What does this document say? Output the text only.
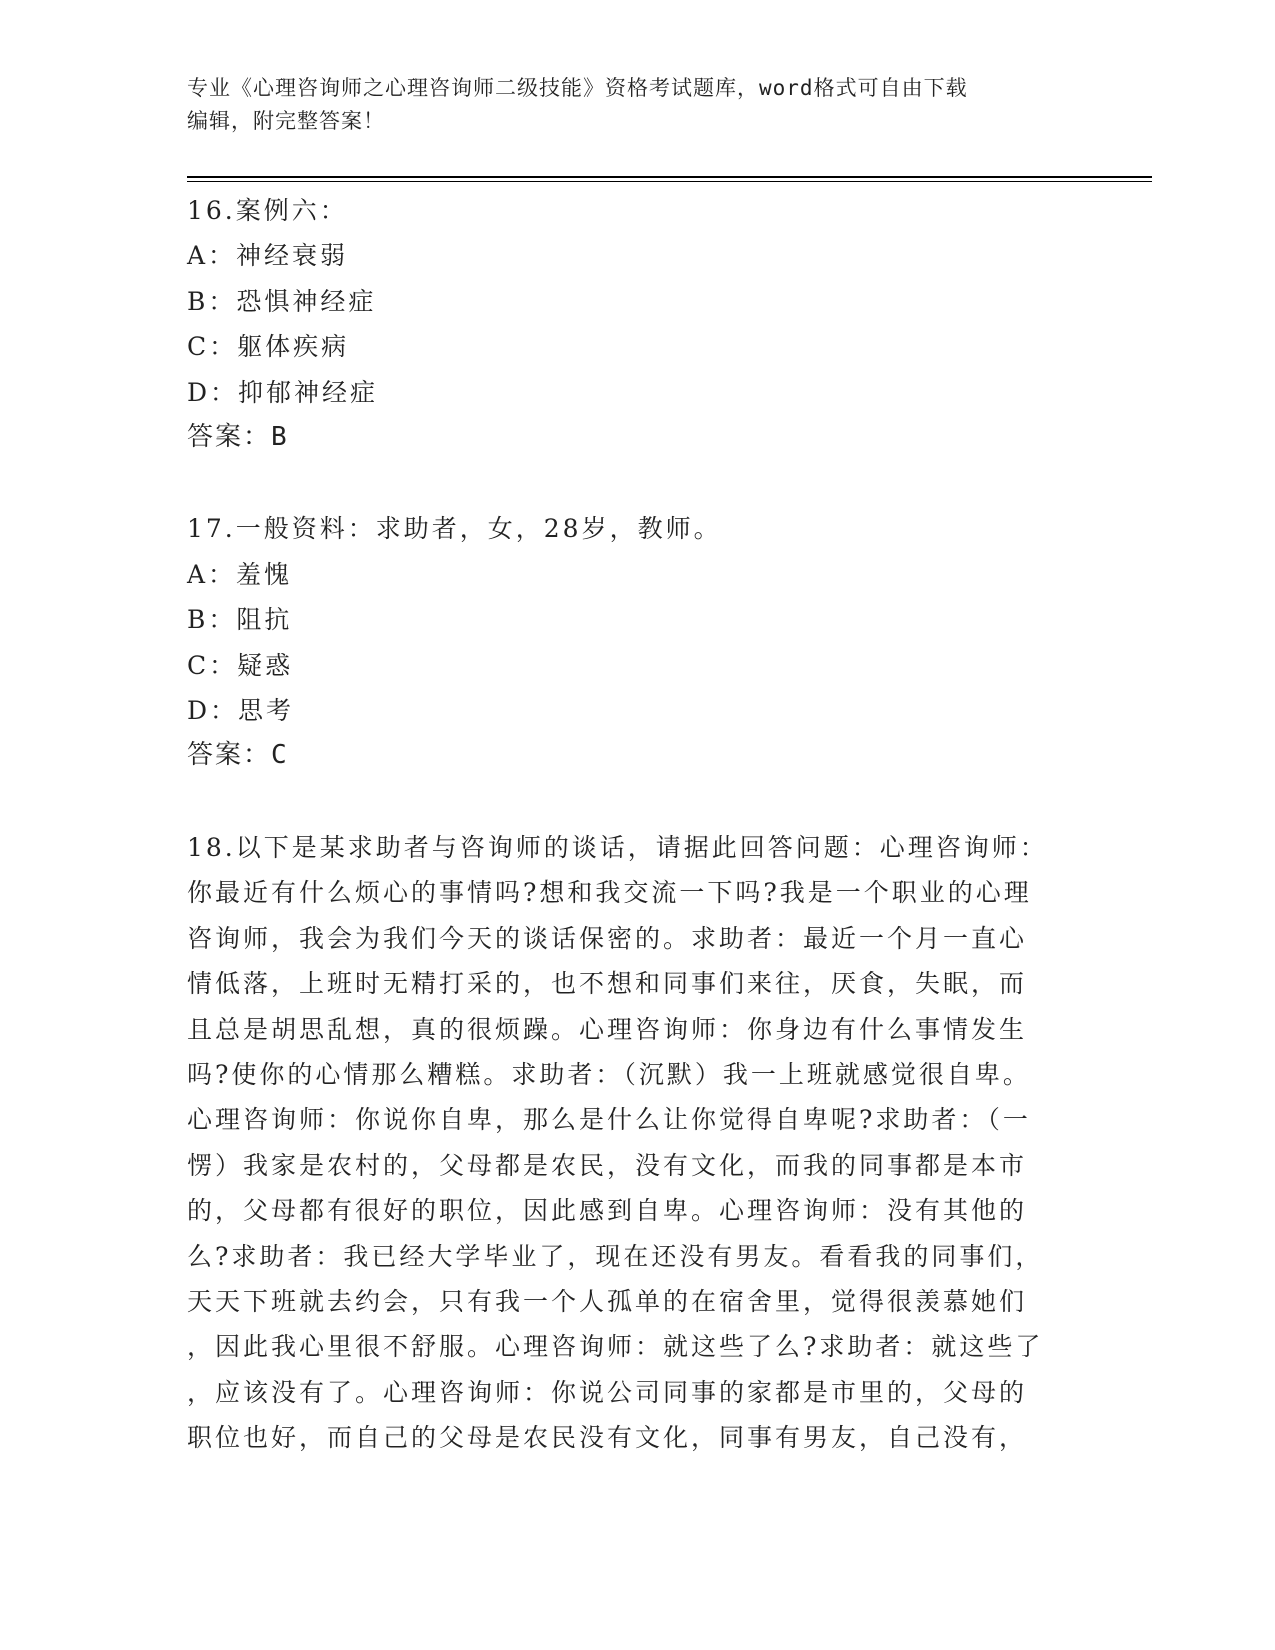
专业《心理咨询师之心理咨询师二级技能》资格考试题库，word格式可自由下载
编辑，附完整答案！

16.案例六：

A：神经衰弱

B：恐惧神经症

C：躯体疾病

D：抑郁神经症

答案：B

17.一般资料：求助者，女，28岁，教师。

A：羞愧

B：阻抗

C：疑惑

D：思考

答案：C

18.以下是某求助者与咨询师的谈话，请据此回答问题：心理咨询师：

你最近有什么烦心的事情吗?想和我交流一下吗?我是一个职业的心理

咨询师，我会为我们今天的谈话保密的。求助者：最近一个月一直心

情低落，上班时无精打采的，也不想和同事们来往，厌食，失眠，而

且总是胡思乱想，真的很烦躁。心理咨询师：你身边有什么事情发生

吗?使你的心情那么糟糕。求助者：（沉默）我一上班就感觉很自卑。

心理咨询师：你说你自卑，那么是什么让你觉得自卑呢?求助者：（一

愣）我家是农村的，父母都是农民，没有文化，而我的同事都是本市

的，父母都有很好的职位，因此感到自卑。心理咨询师：没有其他的

么?求助者：我已经大学毕业了，现在还没有男友。看看我的同事们，

天天下班就去约会，只有我一个人孤单的在宿舍里，觉得很羡慕她们

，因此我心里很不舒服。心理咨询师：就这些了么?求助者：就这些了

，应该没有了。心理咨询师：你说公司同事的家都是市里的，父母的

职位也好，而自己的父母是农民没有文化，同事有男友，自己没有，
